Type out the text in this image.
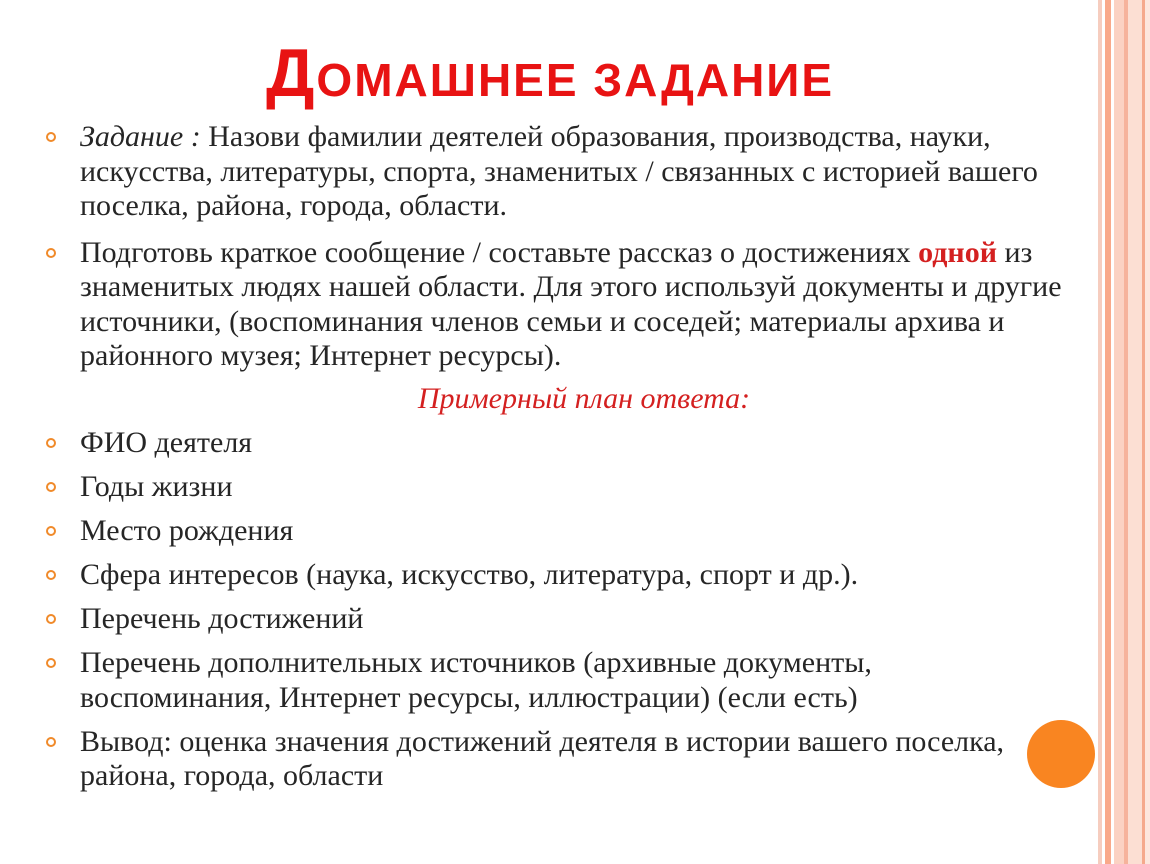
ДОМАШНЕЕ ЗАДАНИЕ
Задание : Назови фамилии деятелей образования, производства, науки, искусства, литературы, спорта, знаменитых / связанных с историей вашего поселка, района, города, области.
Подготовь краткое сообщение / составьте рассказ о достижениях одной из знаменитых людях нашей области. Для этого используй документы и другие источники, (воспоминания членов семьи и соседей; материалы архива и районного музея; Интернет ресурсы).
Примерный план ответа:
ФИО деятеля
Годы жизни
Место рождения
Сфера интересов (наука, искусство, литература, спорт и др.).
Перечень достижений
Перечень дополнительных источников (архивные документы, воспоминания, Интернет ресурсы, иллюстрации) (если есть)
Вывод: оценка значения достижений деятеля в истории вашего поселка, района, города, области
